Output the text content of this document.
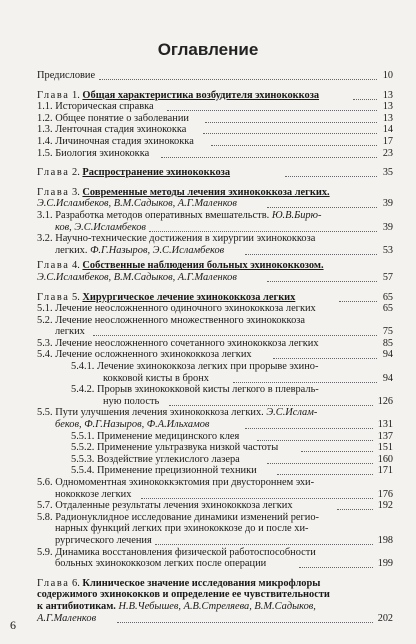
Оглавление
Предисловие	10
Глава 1. Общая характеристика возбудителя эхинококкоза	13
1.1. Историческая справка	13
1.2. Общее понятие о заболевании	13
1.3. Ленточная стадия эхинококка	14
1.4. Личиночная стадия эхинококка	17
1.5. Биология эхинококка	23
Глава 2. Распространение эхинококкоза	35
Глава 3. Современные методы лечения эхинококкоза легких.
Э.С.Исламбеков, В.М.Садыков, А.Г.Маленков	39
3.1. Разработка методов оперативных вмешательств. Ю.В.Бирю-
ков, Э.С.Исламбеков	39
3.2. Научно-технические достижения в хирургии эхинококкоза
легких. Ф.Г.Назыров, Э.С.Исламбеков	53
Глава 4. Собственные наблюдения больных эхинококкозом.
Э.С.Исламбеков, В.М.Садыков, А.Г.Маленков	57
Глава 5. Хирургическое лечение эхинококкоза легких	65
5.1. Лечение неосложненного одиночного эхинококкоза легких	65
5.2. Лечение неосложненного множественного эхинококкоза
легких	75
5.3. Лечение неосложненного сочетанного эхинококкоза легких	85
5.4. Лечение осложненного эхинококкоза легких	94
5.4.1. Лечение эхинококкоза легких при прорыве эхино-
кокковой кисты в бронх	94
5.4.2. Прорыв эхинококковой кисты легкого в плевраль-
ную полость	126
5.5. Пути улучшения лечения эхинококкоза легких. Э.С.Ислам-
беков, Ф.Г.Назыров, Ф.А.Ильхамов	131
5.5.1. Применение медицинского клея	137
5.5.2. Применение ультразвука низкой частоты	151
5.5.3. Воздействие углекислого лазера	160
5.5.4. Применение прецизионной техники	171
5.6. Одномоментная эхинококкэктомия при двустороннем эхи-
нококкозе легких	176
5.7. Отдаленные результаты лечения эхинококкоза легких	192
5.8. Радионуклидное исследование динамики изменений регио-
нарных функций легких при эхинококкозе до и после хи-
рургического лечения	198
5.9. Динамика восстановления физической работоспособности
больных эхинококкозом легких после операции	199
Глава 6. Клиническое значение исследования микрофлоры
содержимого эхинококков и определение ее чувствительности
к антибиотикам. Н.В.Чебышев, А.В.Стреляева, В.М.Садыков,
А.Г.Маленков	202
6
